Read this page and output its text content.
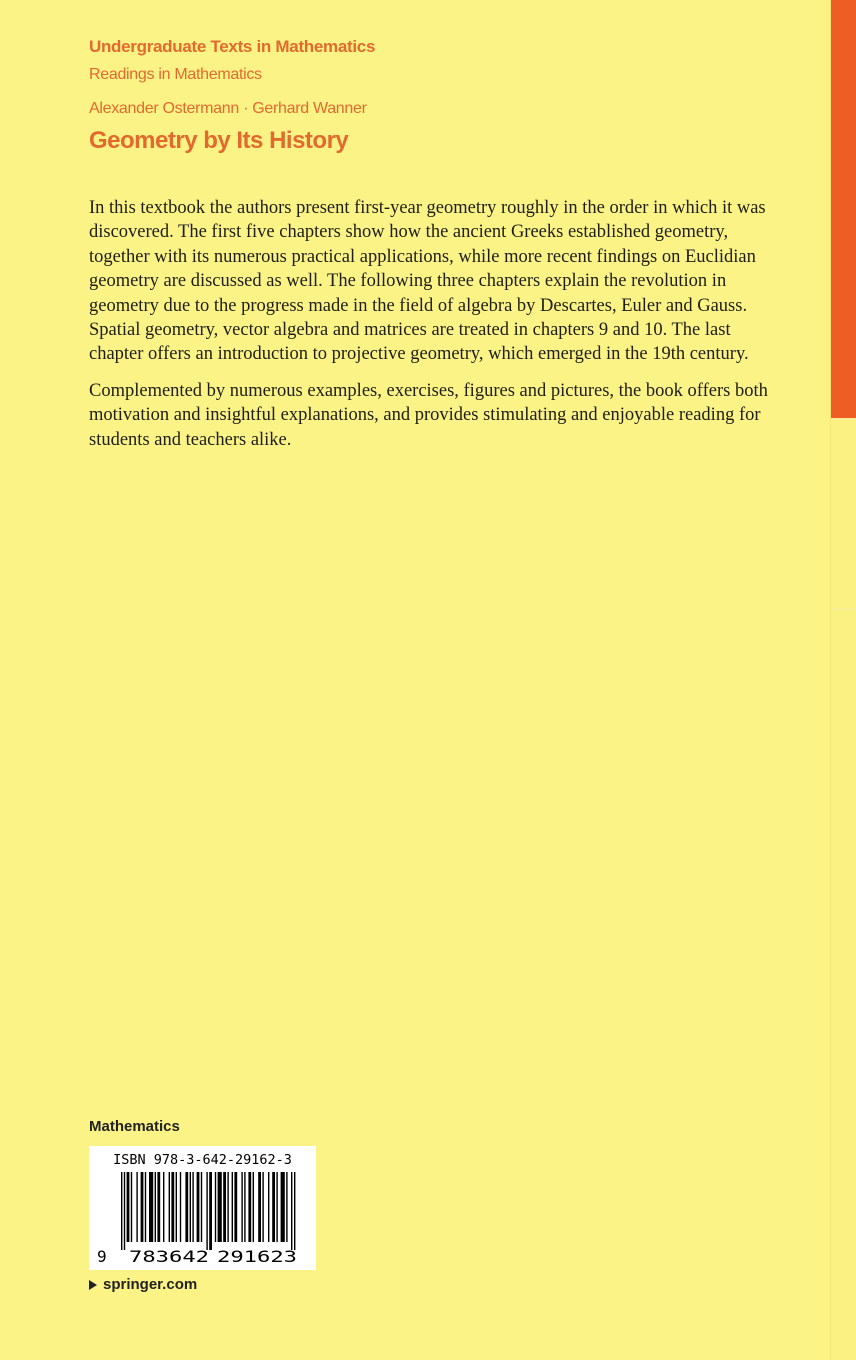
Undergraduate Texts in Mathematics
Readings in Mathematics
Alexander Ostermann · Gerhard Wanner
Geometry by Its History

In this textbook the authors present first-year geometry roughly in the order in which it was discovered. The first five chapters show how the ancient Greeks established geometry, together with its numerous practical applications, while more recent findings on Euclidian geometry are discussed as well. The following three chapters explain the revolution in geometry due to the progress made in the field of algebra by Descartes, Euler and Gauss. Spatial geometry, vector algebra and matrices are treated in chapters 9 and 10. The last chapter offers an introduction to projective geometry, which emerged in the 19th century.

Complemented by numerous examples, exercises, figures and pictures, the book offers both motivation and insightful explanations, and provides stimulating and enjoyable reading for students and teachers alike.

Mathematics
ISBN 978-3-642-29162-3
9 783642 291623
springer.com
